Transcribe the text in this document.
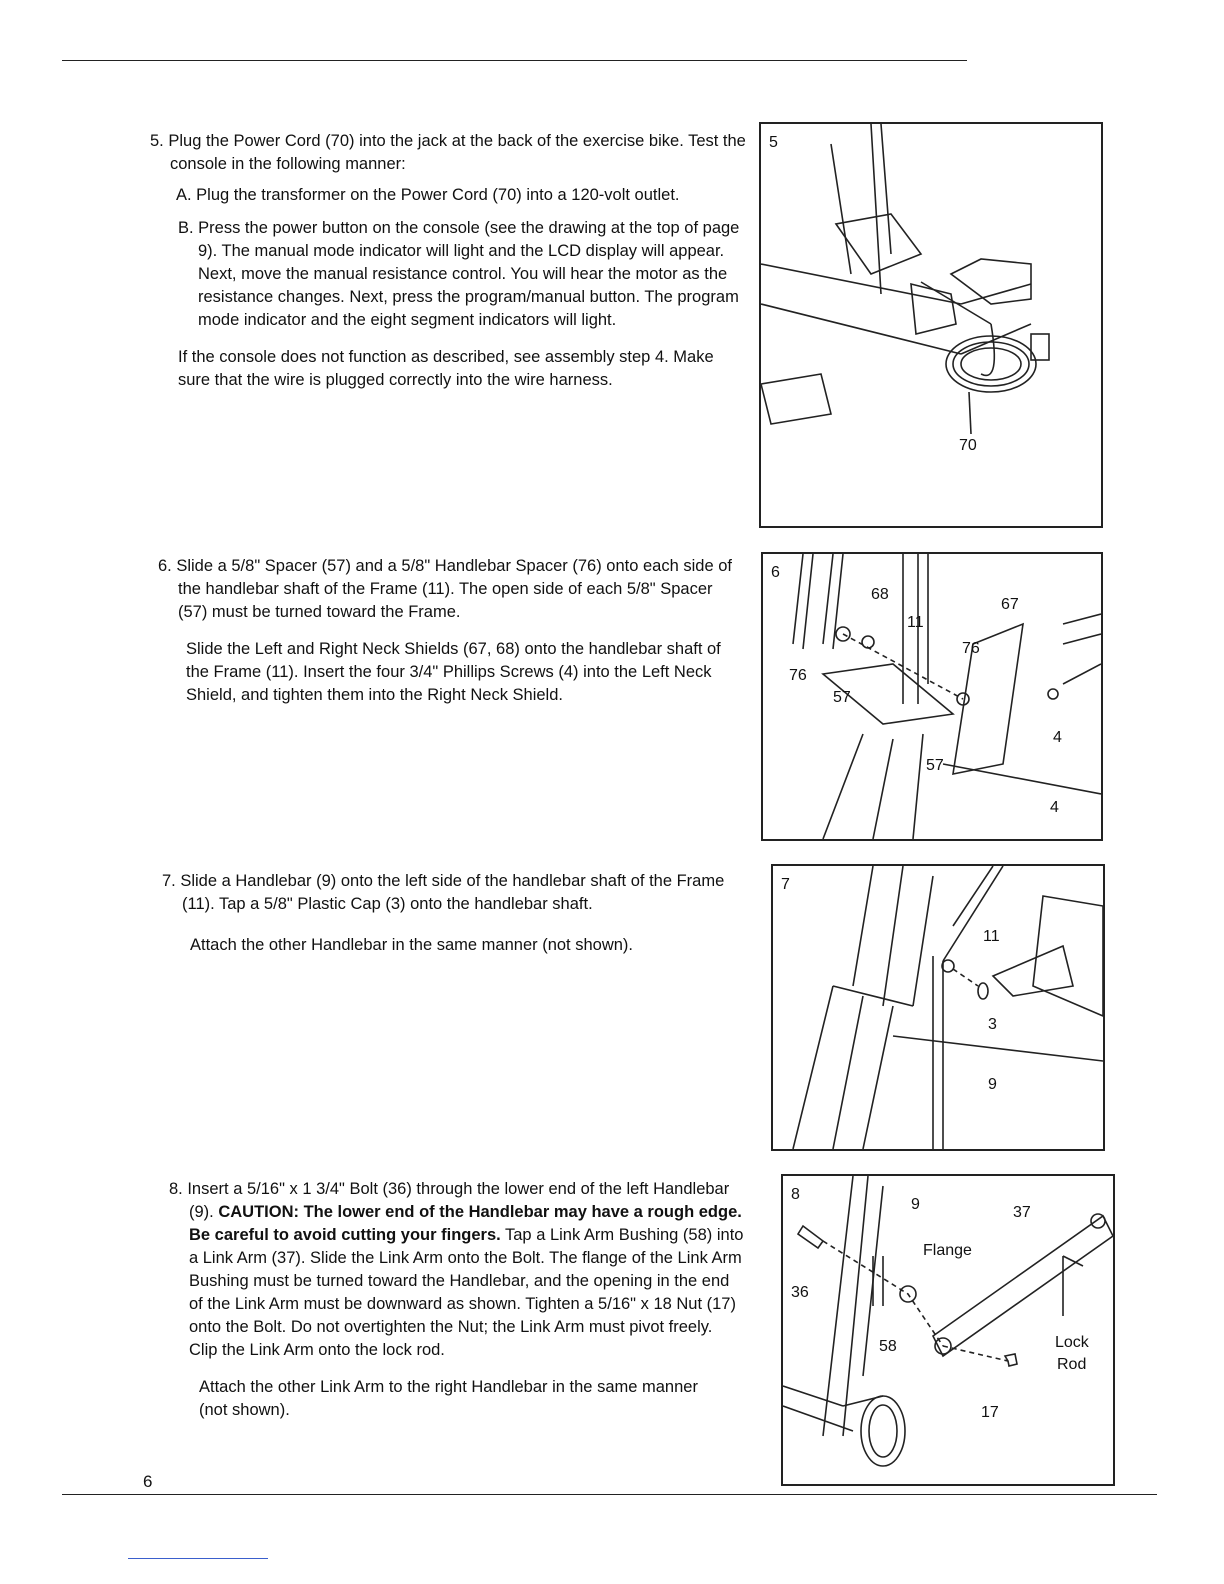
5. Plug the Power Cord (70) into the jack at the back of the exercise bike. Test the console in the following manner:

A. Plug the transformer on the Power Cord (70) into a 120-volt outlet.

B. Press the power button on the console (see the drawing at the top of page 9). The manual mode indicator will light and the LCD display will appear. Next, move the manual resistance control. You will hear the motor as the resistance changes. Next, press the program/manual button. The program mode indicator and the eight segment indicators will light.

If the console does not function as described, see assembly step 4. Make sure that the wire is plugged correctly into the wire harness.

5
70

6. Slide a 5/8" Spacer (57) and a 5/8" Handlebar Spacer (76) onto each side of the handlebar shaft of the Frame (11). The open side of each 5/8" Spacer (57) must be turned toward the Frame.

Slide the Left and Right Neck Shields (67, 68) onto the handlebar shaft of the Frame (11). Insert the four 3/4" Phillips Screws (4) into the Left Neck Shield, and tighten them into the Right Neck Shield.

6
68
67
11
76
76
57
4
57
4

7. Slide a Handlebar (9) onto the left side of the handlebar shaft of the Frame (11). Tap a 5/8" Plastic Cap (3) onto the handlebar shaft.

Attach the other Handlebar in the same manner (not shown).

7
11
3
9

8. Insert a 5/16" x 1 3/4" Bolt (36) through the lower end of the left Handlebar (9). CAUTION: The lower end of the Handlebar may have a rough edge. Be careful to avoid cutting your fingers. Tap a Link Arm Bushing (58) into a Link Arm (37). Slide the Link Arm onto the Bolt. The flange of the Link Arm Bushing must be turned toward the Handlebar, and the opening in the end of the Link Arm must be downward as shown. Tighten a 5/16" x 18 Nut (17) onto the Bolt. Do not overtighten the Nut; the Link Arm must pivot freely. Clip the Link Arm onto the lock rod.

Attach the other Link Arm to the right Handlebar in the same manner (not shown).

8
9	37
Flange
36
58	Lock
Rod
17
6
